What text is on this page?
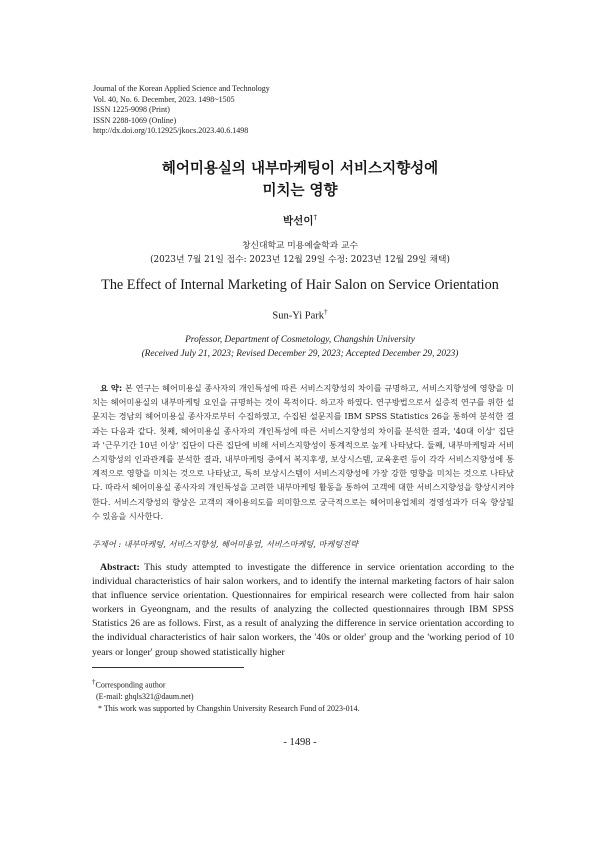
Journal of the Korean Applied Science and Technology
Vol. 40, No. 6. December, 2023. 1498~1505
ISSN 1225-9098 (Print)
ISSN 2288-1069 (Online)
http://dx.doi.org/10.12925/jkocs.2023.40.6.1498
헤어미용실의 내부마케팅이 서비스지향성에
미치는 영향
박선이†
창신대학교 미용예술학과 교수
(2023년 7월 21일 접수: 2023년 12월 29일 수정: 2023년 12월 29일 채택)
The Effect of Internal Marketing of Hair Salon on Service Orientation
Sun-Yi Park†
Professor, Department of Cosmetology, Changshin University
(Received July 21, 2023; Revised December 29, 2023; Accepted December 29, 2023)
요 약: 본 연구는 헤어미용실 종사자의 개인특성에 따른 서비스지향성의 차이를 규명하고, 서비스지향성에 영향을 미치는 헤어미용실의 내부마케팅 요인을 규명하는 것이 목적이다. 하고자 하였다. 연구방법으로서 실증적 연구를 위한 설문지는 경남의 헤어미용실 종사자로부터 수집하였고, 수집된 설문지를 IBM SPSS Statistics 26을 통하여 분석한 결과는 다음과 같다. 첫째, 헤어미용실 종사자의 개인특성에 따른 서비스지향성의 차이를 분석한 결과, '40대 이상' 집단과 '근무기간 10년 이상' 집단이 다른 집단에 비해 서비스지향성이 통계적으로 높게 나타났다. 둘째, 내부마케팅과 서비스지향성의 인과관계를 분석한 결과, 내부마케팅 중에서 복지후생, 보상시스템, 교육훈련 등이 각각 서비스지향성에 통계적으로 영향을 미치는 것으로 나타났고, 특히 보상시스템이 서비스지향성에 가장 강한 영향을 미치는 것으로 나타났다. 따라서 헤어미용실 종사자의 개인특성을 고려한 내부마케팅 활동을 통하여 고객에 대한 서비스지향성을 향상시켜야 한다. 서비스지향성의 향상은 고객의 재이용의도를 의미함으로 궁극적으로는 헤어미용업체의 경영성과가 더욱 향상될 수 있음을 시사한다.
주제어 : 내부마케팅, 서비스지향성, 헤어미용업, 서비스마케팅, 마케팅전략
Abstract: This study attempted to investigate the difference in service orientation according to the individual characteristics of hair salon workers, and to identify the internal marketing factors of hair salon that influence service orientation. Questionnaires for empirical research were collected from hair salon workers in Gyeongnam, and the results of analyzing the collected questionnaires through IBM SPSS Statistics 26 are as follows. First, as a result of analyzing the difference in service orientation according to the individual characteristics of hair salon workers, the '40s or older' group and the 'working period of 10 years or longer' group showed statistically higher
†Corresponding author
(E-mail: ghqls321@daum.net)
* This work was supported by Changshin University Research Fund of 2023-014.
- 1498 -
